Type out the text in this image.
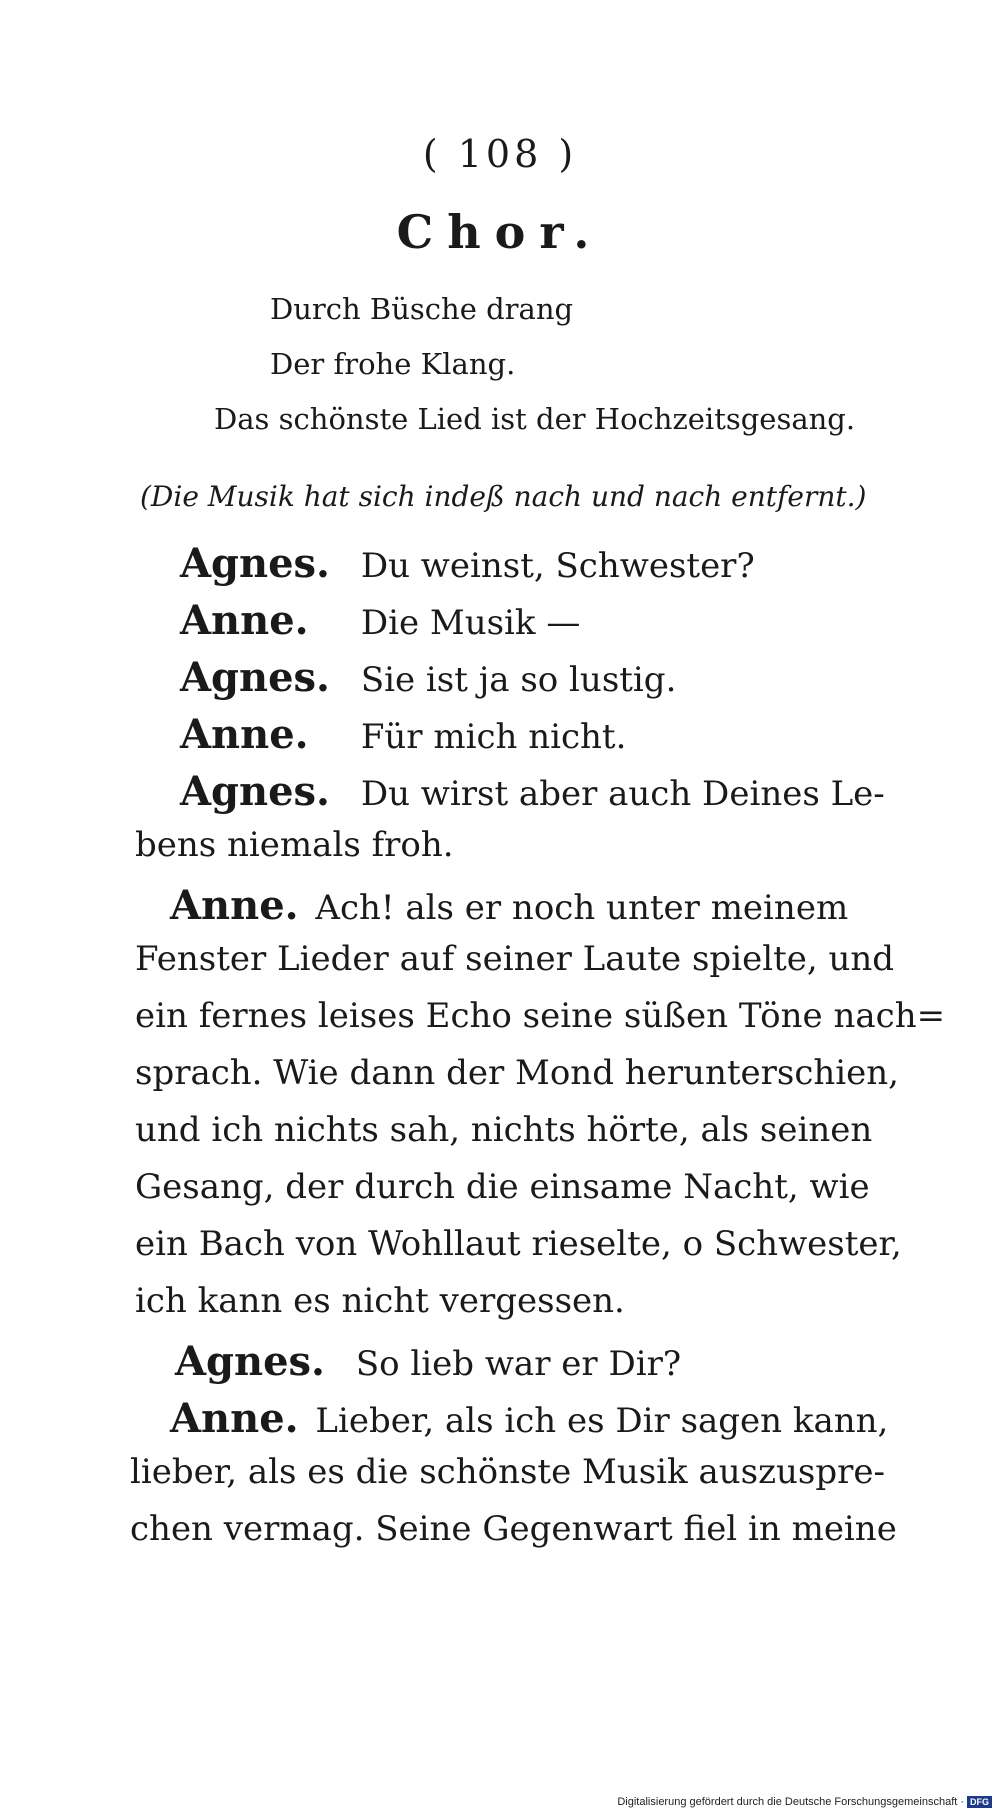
( 108 )
Chor.
Durch Büsche drang
Der frohe Klang.
Das schönste Lied ist der Hochzeitsgesang.
(Die Musik hat sich indeß nach und nach entfernt.)
Agnes. Du weinst, Schwester?
Anne. Die Musik —
Agnes. Sie ist ja so lustig.
Anne. Für mich nicht.
Agnes. Du wirst aber auch Deines Le-
bens niemals froh.
Anne. Ach! als er noch unter meinem
Fenster Lieder auf seiner Laute spielte, und
ein fernes leises Echo seine süßen Töne nach=
sprach. Wie dann der Mond herunterschien,
und ich nichts sah, nichts hörte, als seinen
Gesang, der durch die einsame Nacht, wie
ein Bach von Wohllaut rieselte, o Schwester,
ich kann es nicht vergessen.
Agnes. So lieb war er Dir?
Anne. Lieber, als ich es Dir sagen kann,
lieber, als es die schönste Musik auszuspre-
chen vermag. Seine Gegenwart fiel in meine
Digitalisierung gefördert durch die Deutsche Forschungsgemeinschaft · DFG
